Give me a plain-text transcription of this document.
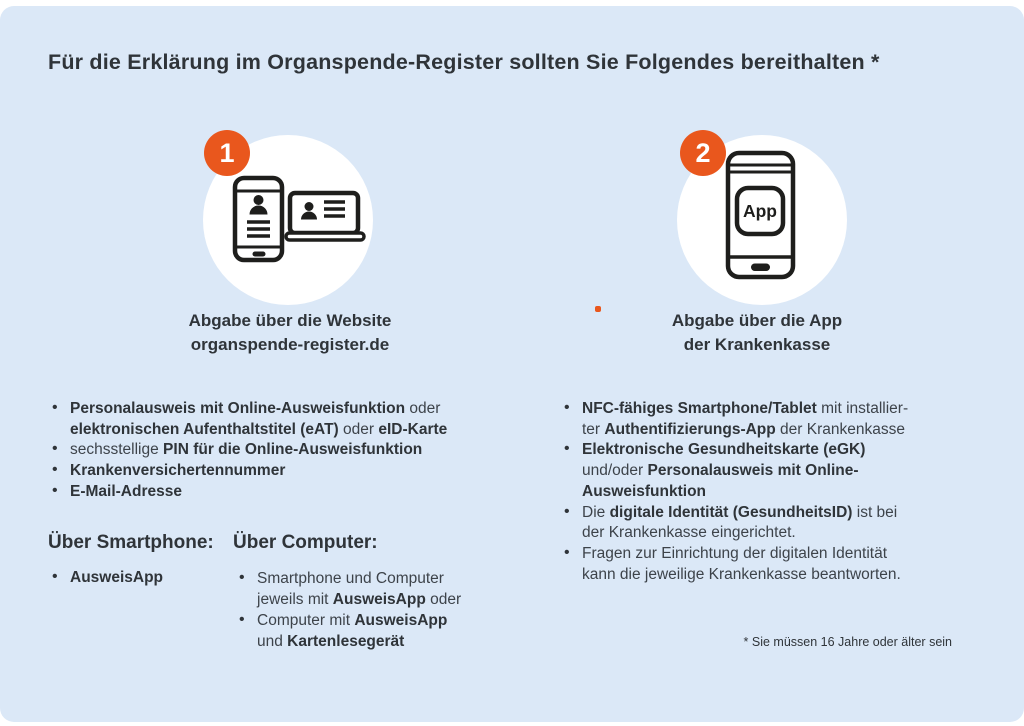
Für die Erklärung im Organspende-Register sollten Sie Folgendes bereithalten *
1
Abgabe über die Website
organspende-register.de
• Personalausweis mit Online-Ausweisfunktion oder
elektronischen Aufenthaltstitel (eAT) oder eID-Karte
• sechsstellige PIN für die Online-Ausweisfunktion
• Krankenversichertennummer
• E-Mail-Adresse
Über Smartphone: Über Computer:
• AusweisApp	• Smartphone und Computer
jeweils mit AusweisApp oder
• Computer mit AusweisApp
und Kartenlesegerät
App
2
Abgabe über die App
der Krankenkasse
• NFC-fähiges Smartphone/Tablet mit installier-
ter Authentifizierungs-App der Krankenkasse
• Elektronische Gesundheitskarte (eGK)
und/oder Personalausweis mit Online-
Ausweisfunktion
• Die digitale Identität (GesundheitsID) ist bei
der Krankenkasse eingerichtet.
• Fragen zur Einrichtung der digitalen Identität
kann die jeweilige Krankenkasse beantworten.
* Sie müssen 16 Jahre oder älter sein
